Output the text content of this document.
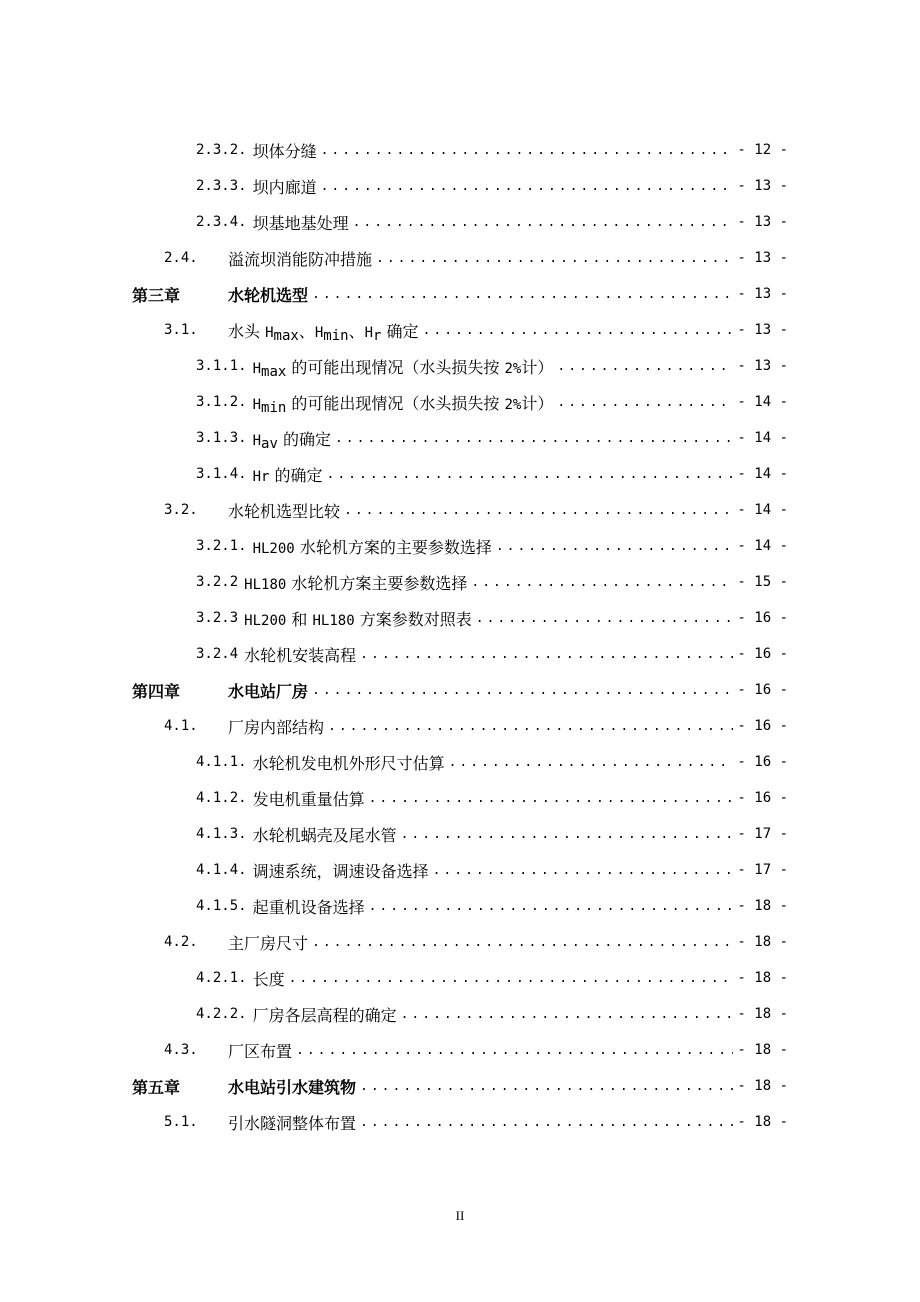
2.3.2. 坝体分缝 .....	- 12 -
2.3.3. 坝内廊道 .....	- 13 -
2.3.4. 坝基地基处理 .....	- 13 -
2.4.	溢流坝消能防冲措施 .....	- 13 -
第三章	水轮机选型 .....	- 13 -
3.1.	水头 $H_{max}$、$H_{min}$、$H_r$ 确定 .....	- 13 -
3.1.1. $H_{max}$ 的可能出现情况（水头损失按 2%计） .....	- 13 -
3.1.2. $H_{min}$ 的可能出现情况（水头损失按 2%计） .....	- 14 -
3.1.3. $H_{av}$ 的确定 .....	- 14 -
3.1.4. Hr 的确定 .....	- 14 -
3.2.	水轮机选型比较 .....	- 14 -
3.2.1. HL200 水轮机方案的主要参数选择 .....	- 14 -
3.2.2 HL180 水轮机方案主要参数选择 .....	- 15 -
3.2.3 HL200 和 HL180 方案参数对照表 .....	- 16 -
3.2.4 水轮机安装高程 .....	- 16 -
第四章	水电站厂房 .....	- 16 -
4.1.	厂房内部结构 .....	- 16 -
4.1.1. 水轮机发电机外形尺寸估算 .....	- 16 -
4.1.2. 发电机重量估算 .....	- 16 -
4.1.3. 水轮机蜗壳及尾水管 .....	- 17 -
4.1.4. 调速系统，调速设备选择 .....	- 17 -
4.1.5. 起重机设备选择 .....	- 18 -
4.2.	主厂房尺寸 .....	- 18 -
4.2.1. 长度 .....	- 18 -
4.2.2. 厂房各层高程的确定 .....	- 18 -
4.3.	厂区布置 .....	- 18 -
第五章	水电站引水建筑物 .....	- 18 -
5.1.	引水隧洞整体布置 .....	- 18 -
II
